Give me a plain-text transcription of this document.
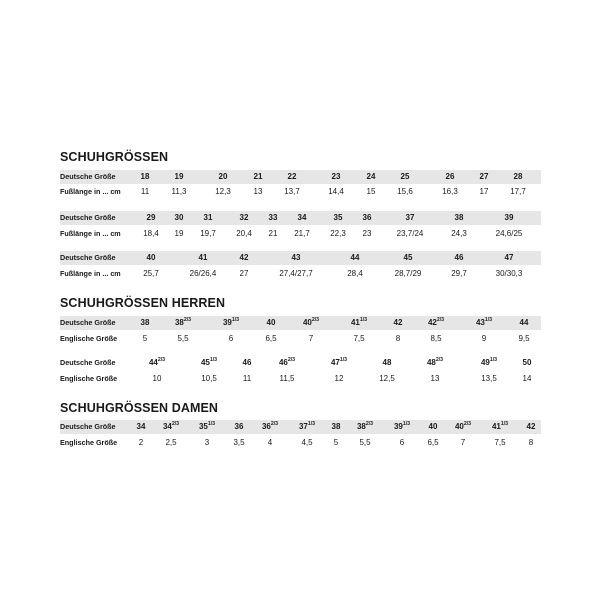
SCHUHGRÖSSEN
Deutsche Größe
Fußlänge in ... cm
18	19	20	21	22	23	24	25	26	27	28
11	11,3	12,3	13	13,7	14,4	15	15,6	16,3	17	17,7
Deutsche Größe
Fußlänge in ... cm
29 30	31	32	33	34	35	36	37	38	39
18,4 19 19,7	20,4 21 21,7	22,3 23	23,7/24	24,3	24,6/25
Deutsche Größe
Fußlänge in ... cm
40	41	42	43	44	45	46	47
25,7	26/26,4	27	27,4/27,7	28,4	28,7/29	29,7	30/30,3
SCHUHGRÖSSEN HERREN
Deutsche Größe
Englische Größe
38	$38^{2/3}$	$39^{1/3}$	40	$40^{2/3}$	$41^{1/3}$	42	$42^{2/3}$	$43^{1/3}$	44
5	5,5	6	6,5	7	7,5	8	8,5	9	9,5
Deutsche Größe
Englische Größe
$44^{2/3}$	$45^{1/3}$	46	$46^{2/3}$	$47^{1/3}$	48	$48^{2/3}$	$49^{1/3}$	50
10	10,5	11	11,5	12	12,5	13	13,5	14
SCHUHGRÖSSEN DAMEN
Deutsche Größe
Englische Größe
34 $34^{2/3}$ $35^{1/3}$ 36 $36^{2/3}$	$37^{1/3}$ 38 $38^{2/3}$	$39^{1/3}$ 40 $40^{2/3}$	$41^{1/3}$ 42
2	2,5	3	3,5	4	4,5	5	5,5	6	6,5	7	7,5	8
